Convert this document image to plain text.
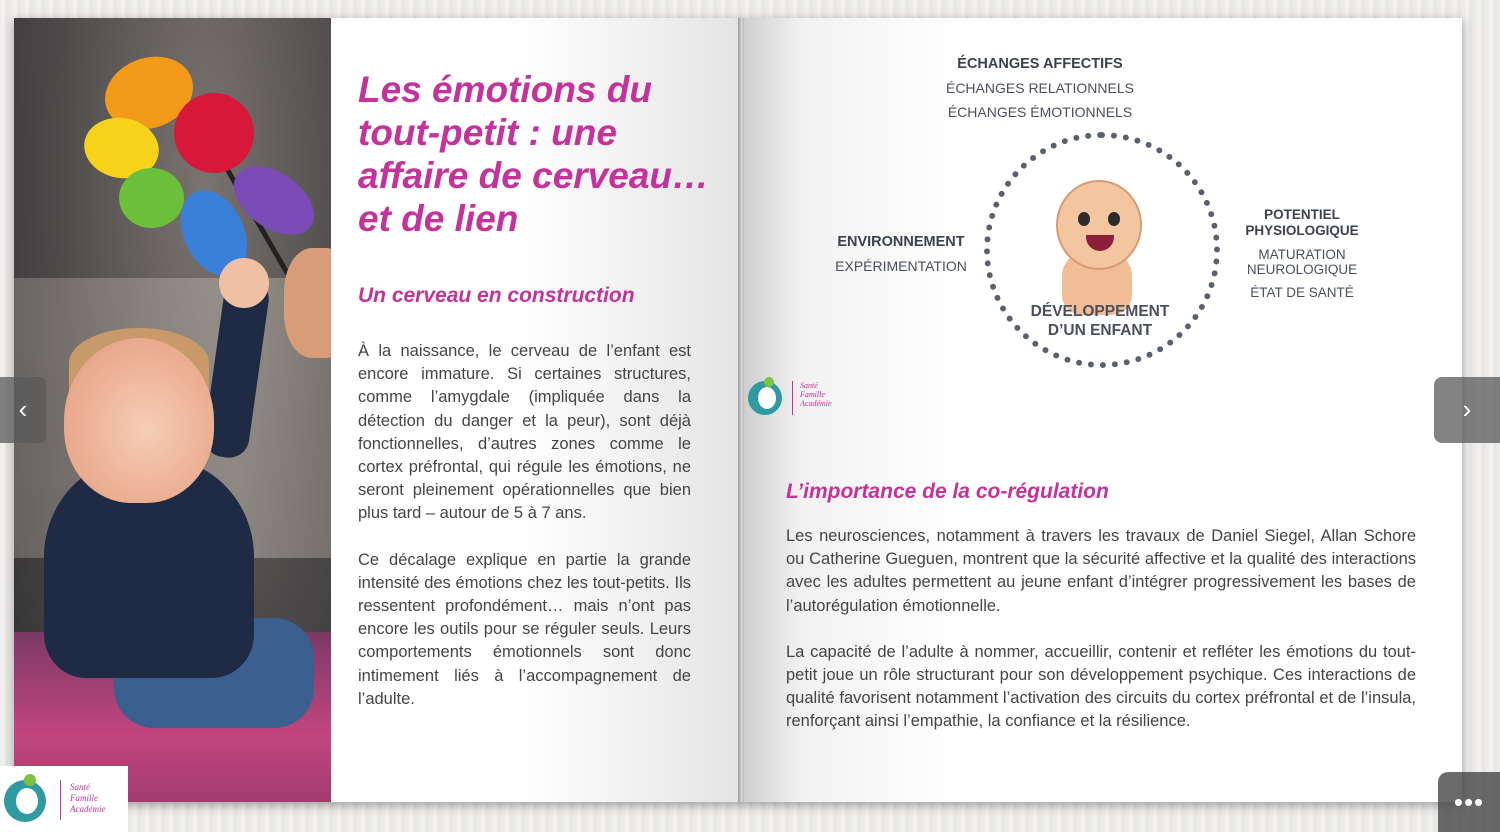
Les émotions du tout-petit : une affaire de cerveau… et de lien
Un cerveau en construction

À la naissance, le cerveau de l’enfant est encore immature. Si certaines structures, comme l’amygdale (impliquée dans la détection du danger et la peur), sont déjà fonctionnelles, d’autres zones comme le cortex préfrontal, qui régule les émotions, ne seront pleinement opérationnelles que bien plus tard – autour de 5 à 7 ans.

Ce décalage explique en partie la grande intensité des émotions chez les tout-petits. Ils ressentent profondément… mais n’ont pas encore les outils pour se réguler seuls. Leurs comportements émotionnels sont donc intimement liés à l’accompagnement de l’adulte.

L’importance de la co-régulation

Les neurosciences, notamment à travers les travaux de Daniel Siegel, Allan Schore ou Catherine Gueguen, montrent que la sécurité affective et la qualité des interactions avec les adultes permettent au jeune enfant d’intégrer progressivement les bases de l’autorégulation émotionnelle.

La capacité de l’adulte à nommer, accueillir, contenir et refléter les émotions du tout-petit joue un rôle structurant pour son développement psychique. Ces interactions de qualité favorisent notamment l’activation des circuits du cortex préfrontal et de l’insula, renforçant ainsi l’empathie, la confiance et la résilience.

ÉCHANGES AFFECTIFS

ÉCHANGES RELATIONNELS

ÉCHANGES ÉMOTIONNELS

DÉVELOPPEMENT
D’UN ENFANT

ENVIRONNEMENT

EXPÉRIMENTATION

POTENTIEL

PHYSIOLOGIQUE

MATURATION

NEUROLOGIQUE

ÉTAT DE SANTÉ

Santé
Famille
Académie
Santé
Famille
Académie
‹	›
•••
